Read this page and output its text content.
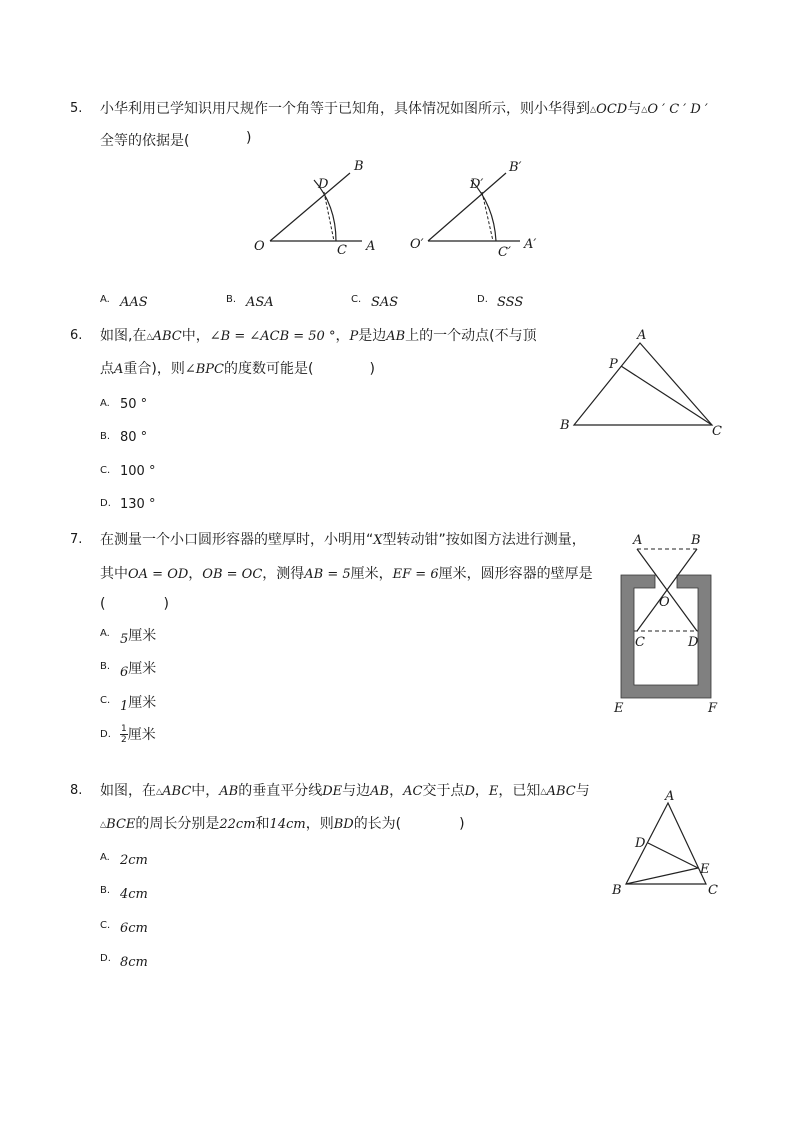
5. 小华利用已学知识用尺规作一个角等于已知角，具体情况如图所示，则小华得到△OCD与△O ′ C ′ D ′
全等的依据是(	)
O
D
B
C A	O′
D′
B′
C′
A′
A. AAS	B. ASA	C. SAS	D. SSS
6. 如图,在△ABC中，∠B = ∠ACB = 50 °，P是边AB上的一个动点(不与顶
点A重合)，则∠BPC的度数可能是(	)
A
P
B	C
A. 50 °
B. 80 °
C. 100 °
D. 130 °
7. 在测量一个小口圆形容器的壁厚时，小明用“X型转动钳”按如图方法进行测量，
其中OA = OD，OB = OC，测得AB = 5厘米，EF = 6厘米，圆形容器的壁厚是
(	)
A	B
O
C	D
E	F
A. 5厘米
B. 6厘米
C. 1厘米
D. $\frac{1}{2}$ 厘米
8. 如图，在△ABC中，AB的垂直平分线DE与边AB，AC交于点D，E，已知△ABC与
△BCE的周长分别是22cm和14cm，则BD的长为(	)
A
D
E
B	C
A. 2cm
B. 4cm
C. 6cm
D. 8cm
